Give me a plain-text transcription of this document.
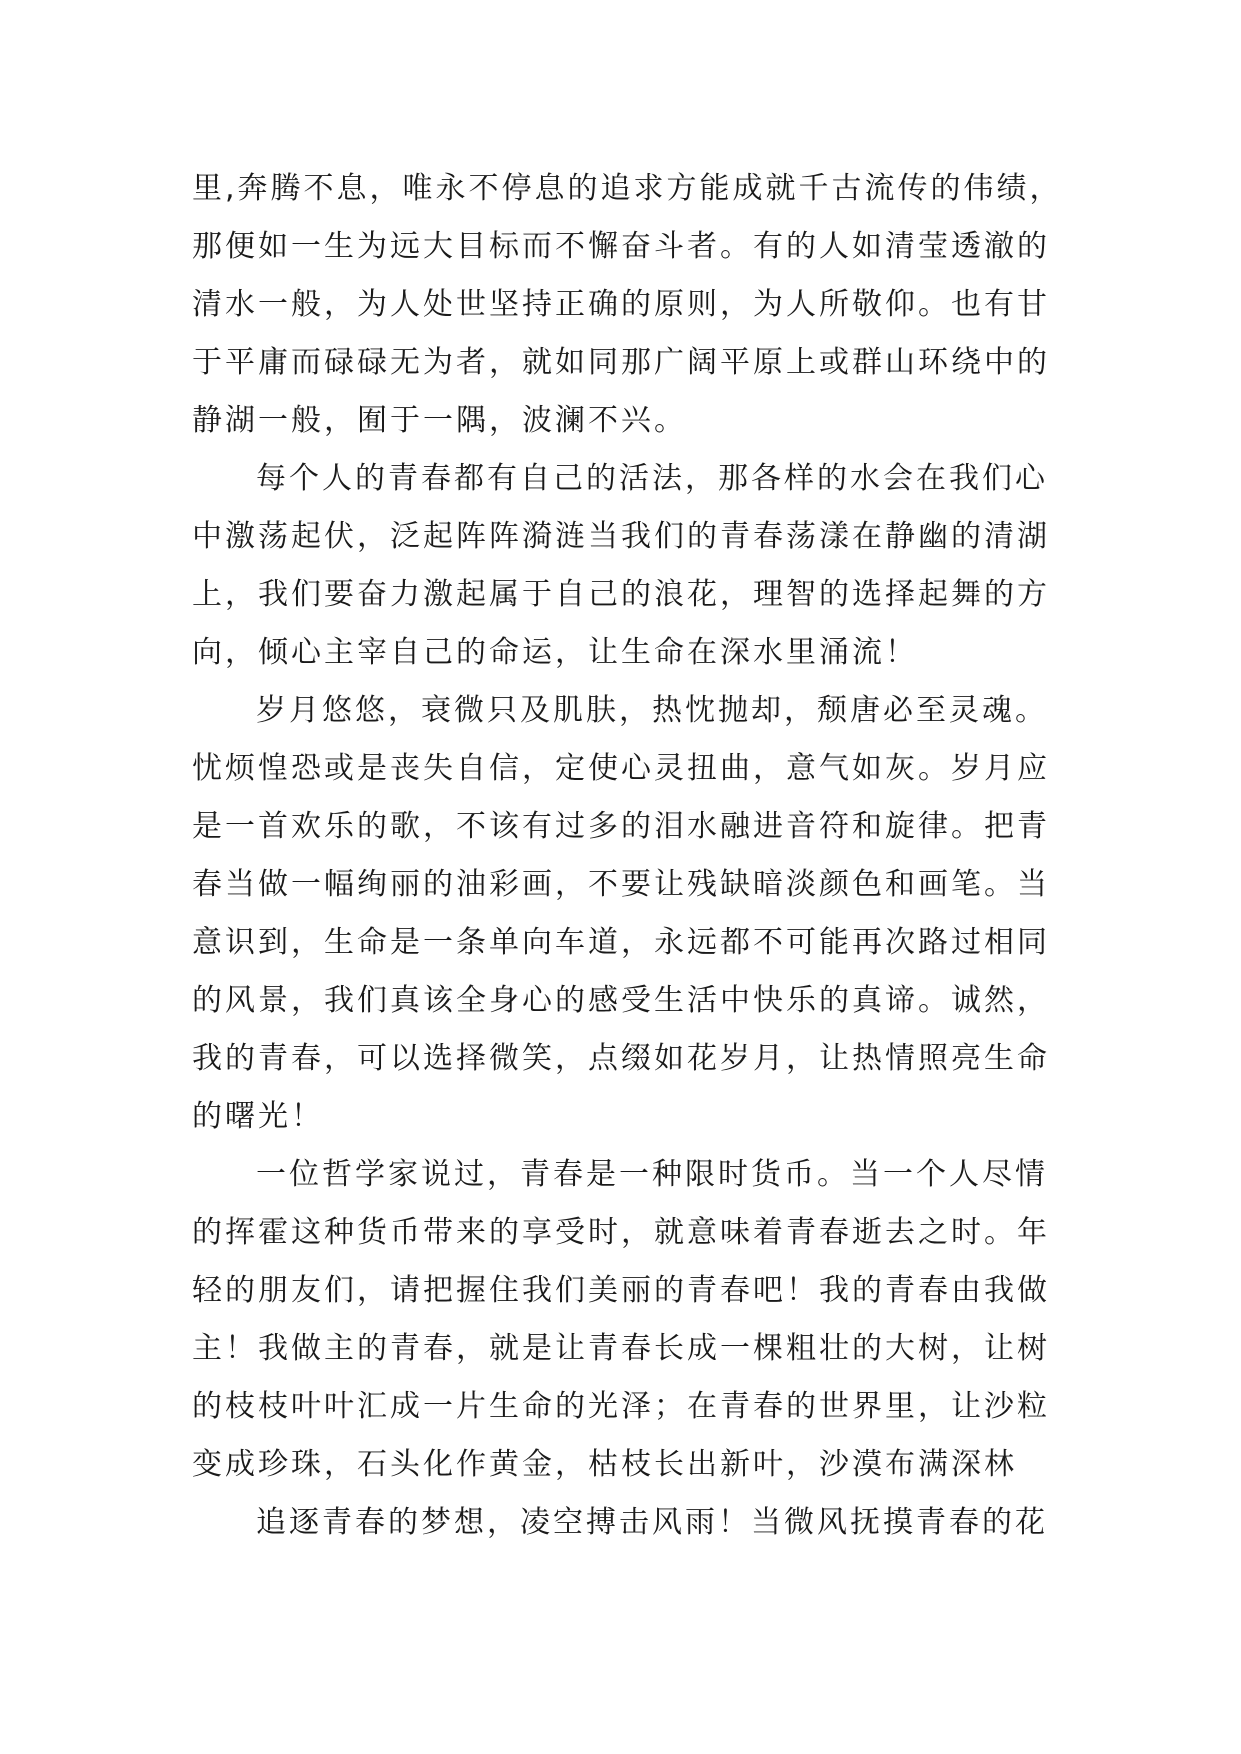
里,奔腾不息，唯永不停息的追求方能成就千古流传的伟绩，
那便如一生为远大目标而不懈奋斗者。有的人如清莹透澈的
清水一般，为人处世坚持正确的原则，为人所敬仰。也有甘
于平庸而碌碌无为者，就如同那广阔平原上或群山环绕中的
静湖一般，囿于一隅，波澜不兴。
每个人的青春都有自己的活法，那各样的水会在我们心
中激荡起伏，泛起阵阵漪涟当我们的青春荡漾在静幽的清湖
上，我们要奋力激起属于自己的浪花，理智的选择起舞的方
向，倾心主宰自己的命运，让生命在深水里涌流！
岁月悠悠，衰微只及肌肤，热忱抛却，颓唐必至灵魂。
忧烦惶恐或是丧失自信，定使心灵扭曲，意气如灰。岁月应
是一首欢乐的歌，不该有过多的泪水融进音符和旋律。把青
春当做一幅绚丽的油彩画，不要让残缺暗淡颜色和画笔。当
意识到，生命是一条单向车道，永远都不可能再次路过相同
的风景，我们真该全身心的感受生活中快乐的真谛。诚然，
我的青春，可以选择微笑，点缀如花岁月，让热情照亮生命
的曙光！
一位哲学家说过，青春是一种限时货币。当一个人尽情
的挥霍这种货币带来的享受时，就意味着青春逝去之时。年
轻的朋友们，请把握住我们美丽的青春吧！我的青春由我做
主！我做主的青春，就是让青春长成一棵粗壮的大树，让树
的枝枝叶叶汇成一片生命的光泽；在青春的世界里，让沙粒
变成珍珠，石头化作黄金，枯枝长出新叶，沙漠布满深林
追逐青春的梦想，凌空搏击风雨！当微风抚摸青春的花
